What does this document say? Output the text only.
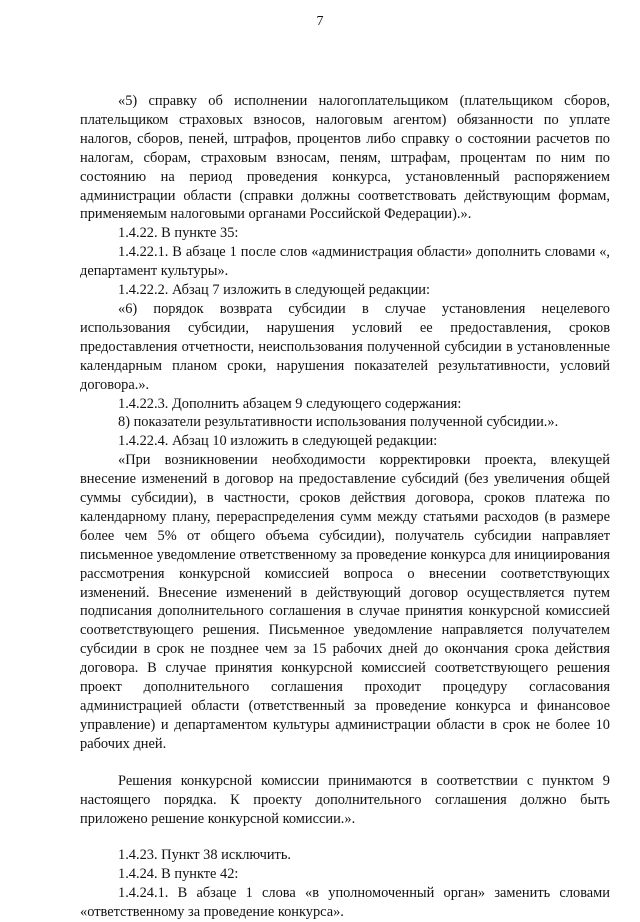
7

«5) справку об исполнении налогоплательщиком (плательщиком сборов, плательщиком страховых взносов, налоговым агентом) обязанности по уплате налогов, сборов, пеней, штрафов, процентов либо справку о состоянии расчетов по налогам, сборам, страховым взносам, пеням, штрафам, процентам по ним по состоянию на период проведения конкурса, установленный распоряжением администрации области (справки должны соответствовать действующим формам, применяемым налоговыми органами Российской Федерации).».

1.4.22. В пункте 35:

1.4.22.1. В абзаце 1 после слов «администрация области» дополнить словами «, департамент культуры».

1.4.22.2. Абзац 7 изложить в следующей редакции:

«6) порядок возврата субсидии в случае установления нецелевого использования субсидии, нарушения условий ее предоставления, сроков предоставления отчетности, неиспользования полученной субсидии в установленные календарным планом сроки, нарушения показателей результативности, условий договора.».

1.4.22.3. Дополнить абзацем 9 следующего содержания:

8) показатели результативности использования полученной субсидии.».

1.4.22.4. Абзац 10 изложить в следующей редакции:

«При возникновении необходимости корректировки проекта, влекущей внесение изменений в договор на предоставление субсидий (без увеличения общей суммы субсидии), в частности, сроков действия договора, сроков платежа по календарному плану, перераспределения сумм между статьями расходов (в размере более чем 5% от общего объема субсидии), получатель субсидии направляет письменное уведомление ответственному за проведение конкурса для инициирования рассмотрения конкурсной комиссией вопроса о внесении соответствующих изменений. Внесение изменений в действующий договор осуществляется путем подписания дополнительного соглашения в случае принятия конкурсной комиссией соответствующего решения. Письменное уведомление направляется получателем субсидии в срок не позднее чем за 15 рабочих дней до окончания срока действия договора. В случае принятия конкурсной комиссией соответствующего решения проект дополнительного соглашения проходит процедуру согласования администрацией области (ответственный за проведение конкурса и финансовое управление) и департаментом культуры администрации области в срок не более 10 рабочих дней.

Решения конкурсной комиссии принимаются в соответствии с пунктом 9 настоящего порядка. К проекту дополнительного соглашения должно быть приложено решение конкурсной комиссии.».

1.4.23. Пункт 38 исключить.

1.4.24. В пункте 42:

1.4.24.1. В абзаце 1 слова «в уполномоченный орган» заменить словами «ответственному за проведение конкурса».
